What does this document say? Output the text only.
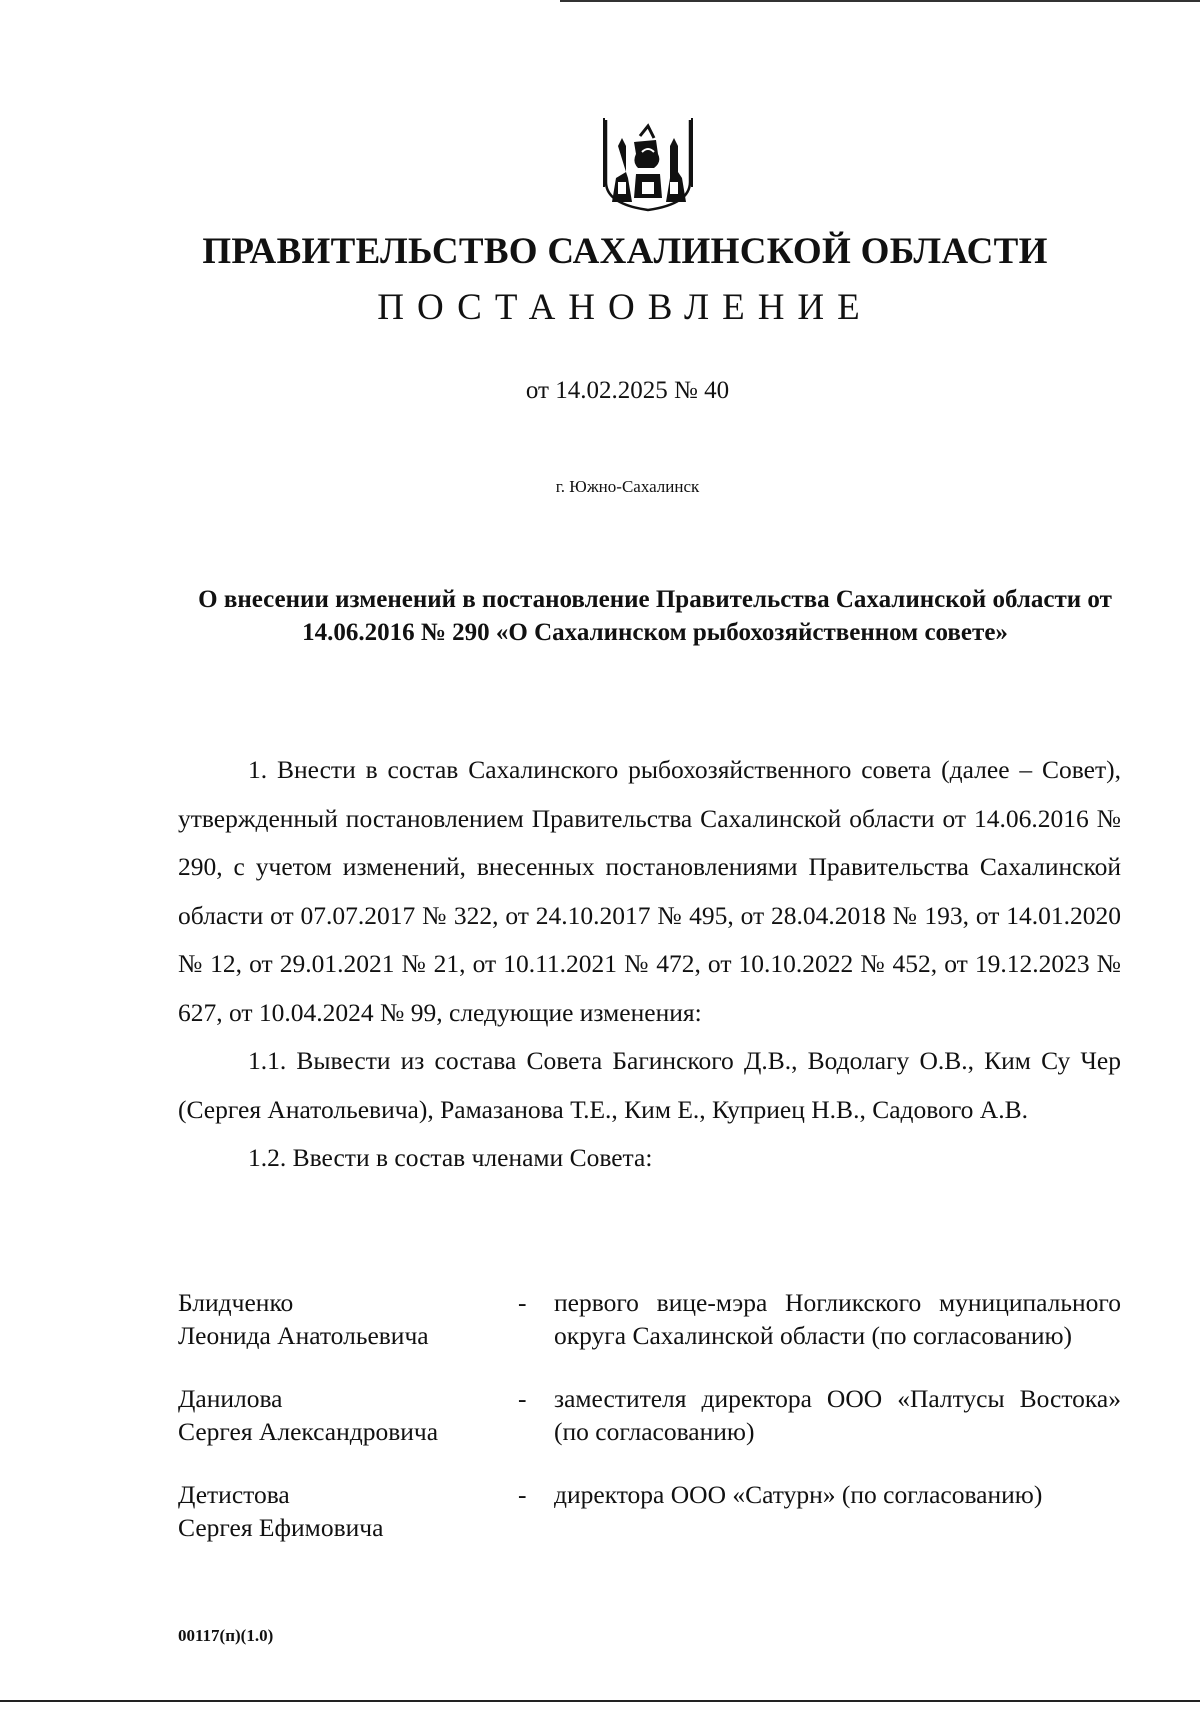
ПРАВИТЕЛЬСТВО САХАЛИНСКОЙ ОБЛАСТИ
ПОСТАНОВЛЕНИЕ
от 14.02.2025 № 40
г. Южно-Сахалинск
О внесении изменений в постановление Правительства Сахалинской области от 14.06.2016 № 290 «О Сахалинском рыбохозяйственном совете»

1. Внести в состав Сахалинского рыбохозяйственного совета (далее – Совет), утвержденный постановлением Правительства Сахалинской области от 14.06.2016 № 290, с учетом изменений, внесенных постановлениями Правительства Сахалинской области от 07.07.2017 № 322, от 24.10.2017 № 495, от 28.04.2018 № 193, от 14.01.2020 № 12, от 29.01.2021 № 21, от 10.11.2021 № 472, от 10.10.2022 № 452, от 19.12.2023 № 627, от 10.04.2024 № 99, следующие изменения:

1.1. Вывести из состава Совета Багинского Д.В., Водолагу О.В., Ким Су Чер (Сергея Анатольевича), Рамазанова Т.Е., Ким Е., Куприец Н.В., Садового А.В.

1.2. Ввести в состав членами Совета:

Блидченко
Леонида Анатольевича
-	первого вице-мэра Ногликского муниципального округа Сахалинской области (по согласованию)
Данилова
Сергея Александровича
-	заместителя директора ООО «Палтусы Востока» (по согласованию)
Детистова
Сергея Ефимовича
-	директора ООО «Сатурн» (по согласованию)
00117(п)(1.0)
